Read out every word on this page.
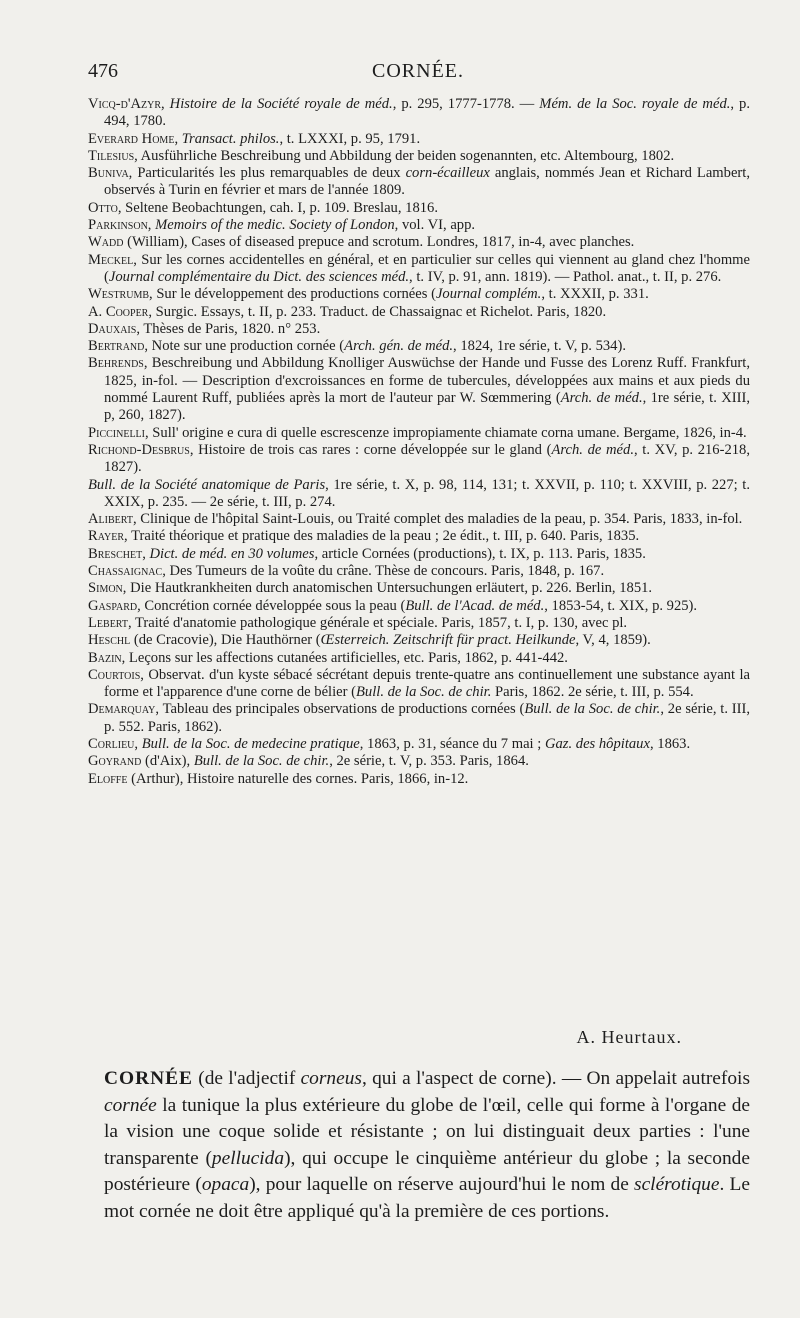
476	CORNÉE.

Vicq-d'Azyr, Histoire de la Société royale de méd., p. 295, 1777-1778. — Mém. de la Soc. royale de méd., p. 494, 1780.

Everard Home, Transact. philos., t. LXXXI, p. 95, 1791.

Tilesius, Ausführliche Beschreibung und Abbildung der beiden sogenannten, etc. Altembourg, 1802.

Buniva, Particularités les plus remarquables de deux corn-écailleux anglais, nommés Jean et Richard Lambert, observés à Turin en février et mars de l'année 1809.

Otto, Seltene Beobachtungen, cah. I, p. 109. Breslau, 1816.

Parkinson, Memoirs of the medic. Society of London, vol. VI, app.

Wadd (William), Cases of diseased prepuce and scrotum. Londres, 1817, in-4, avec planches.

Meckel, Sur les cornes accidentelles en général, et en particulier sur celles qui viennent au gland chez l'homme (Journal complémentaire du Dict. des sciences méd., t. IV, p. 91, ann. 1819). — Pathol. anat., t. II, p. 276.

Westrumb, Sur le développement des productions cornées (Journal complém., t. XXXII, p. 331.

A. Cooper, Surgic. Essays, t. II, p. 233. Traduct. de Chassaignac et Richelot. Paris, 1820.

Dauxais, Thèses de Paris, 1820. n° 253.

Bertrand, Note sur une production cornée (Arch. gén. de méd., 1824, 1re série, t. V, p. 534).

Behrends, Beschreibung und Abbildung Knolliger Auswüchse der Hande und Fusse des Lorenz Ruff. Frankfurt, 1825, in-fol. — Description d'excroissances en forme de tubercules, développées aux mains et aux pieds du nommé Laurent Ruff, publiées après la mort de l'auteur par W. Sœmmering (Arch. de méd., 1re série, t. XIII, p, 260, 1827).

Piccinelli, Sull' origine e cura di quelle escrescenze impropiamente chiamate corna umane. Bergame, 1826, in-4.

Richond-Desbrus, Histoire de trois cas rares : corne développée sur le gland (Arch. de méd., t. XV, p. 216-218, 1827).

Bull. de la Société anatomique de Paris, 1re série, t. X, p. 98, 114, 131; t. XXVII, p. 110; t. XXVIII, p. 227; t. XXIX, p. 235. — 2e série, t. III, p. 274.

Alibert, Clinique de l'hôpital Saint-Louis, ou Traité complet des maladies de la peau, p. 354. Paris, 1833, in-fol.

Rayer, Traité théorique et pratique des maladies de la peau ; 2e édit., t. III, p. 640. Paris, 1835.

Breschet, Dict. de méd. en 30 volumes, article Cornées (productions), t. IX, p. 113. Paris, 1835.

Chassaignac, Des Tumeurs de la voûte du crâne. Thèse de concours. Paris, 1848, p. 167.

Simon, Die Hautkrankheiten durch anatomischen Untersuchungen erläutert, p. 226. Berlin, 1851.

Gaspard, Concrétion cornée développée sous la peau (Bull. de l'Acad. de méd., 1853-54, t. XIX, p. 925).

Lebert, Traité d'anatomie pathologique générale et spéciale. Paris, 1857, t. I, p. 130, avec pl.

Heschl (de Cracovie), Die Hauthörner (Œsterreich. Zeitschrift für pract. Heilkunde, V, 4, 1859).

Bazin, Leçons sur les affections cutanées artificielles, etc. Paris, 1862, p. 441-442.

Courtois, Observat. d'un kyste sébacé sécrétant depuis trente-quatre ans continuellement une substance ayant la forme et l'apparence d'une corne de bélier (Bull. de la Soc. de chir. Paris, 1862. 2e série, t. III, p. 554.

Demarquay, Tableau des principales observations de productions cornées (Bull. de la Soc. de chir., 2e série, t. III, p. 552. Paris, 1862).

Corlieu, Bull. de la Soc. de medecine pratique, 1863, p. 31, séance du 7 mai ; Gaz. des hôpitaux, 1863.

Goyrand (d'Aix), Bull. de la Soc. de chir., 2e série, t. V, p. 353. Paris, 1864.

Eloffe (Arthur), Histoire naturelle des cornes. Paris, 1866, in-12.

A. Heurtaux.
CORNÉE (de l'adjectif corneus, qui a l'aspect de corne). — On appelait autrefois cornée la tunique la plus extérieure du globe de l'œil, celle qui forme à l'organe de la vision une coque solide et résistante ; on lui distinguait deux parties : l'une transparente (pellucida), qui occupe le cinquième antérieur du globe ; la seconde postérieure (opaca), pour laquelle on réserve aujourd'hui le nom de sclérotique. Le mot cornée ne doit être appliqué qu'à la première de ces portions.
